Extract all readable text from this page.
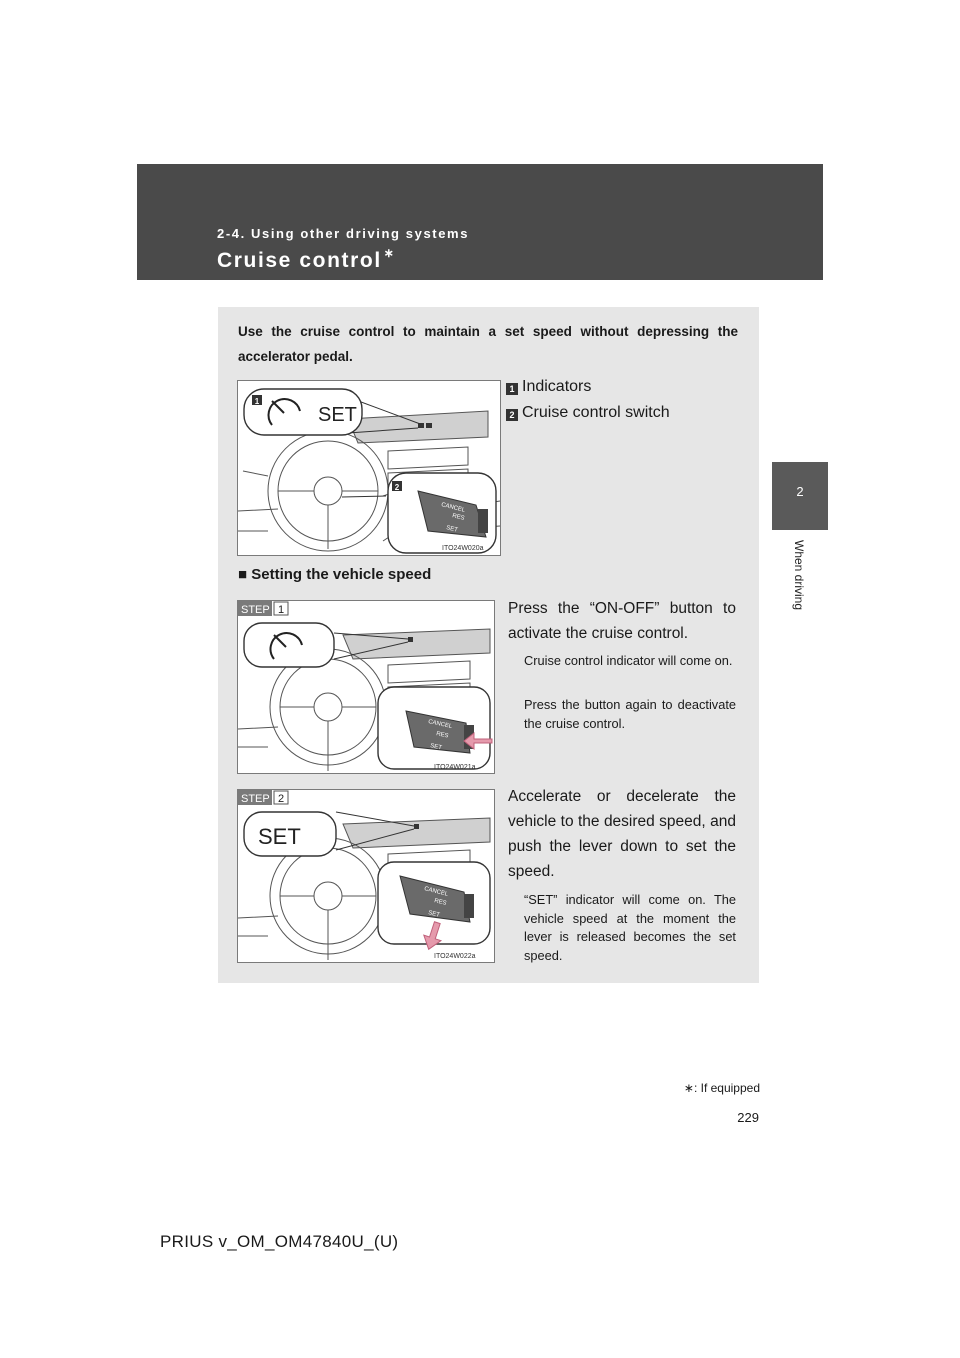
2-4. Using other driving systems
Cruise control ∗
2
When driving
Use the cruise control to maintain a set speed without depressing the accelerator pedal.
SET
1
2
CANCEL
RES
SET
ITO24W020a
1 Indicators
2 Cruise control switch
■ Setting the vehicle speed
STEP 1
CANCEL
RES
SET
ITO24W021a
Press the “ON-OFF” button to activate the cruise control.
Cruise control indicator will come on.
Press the button again to deactivate the cruise control.
STEP 2
SET
CANCEL
RES
SET
ITO24W022a
Accelerate or decelerate the vehicle to the desired speed, and push the lever down to set the speed.
“SET” indicator will come on. The vehicle speed at the moment the lever is released becomes the set speed.
∗: If equipped
229
PRIUS v_OM_OM47840U_(U)
